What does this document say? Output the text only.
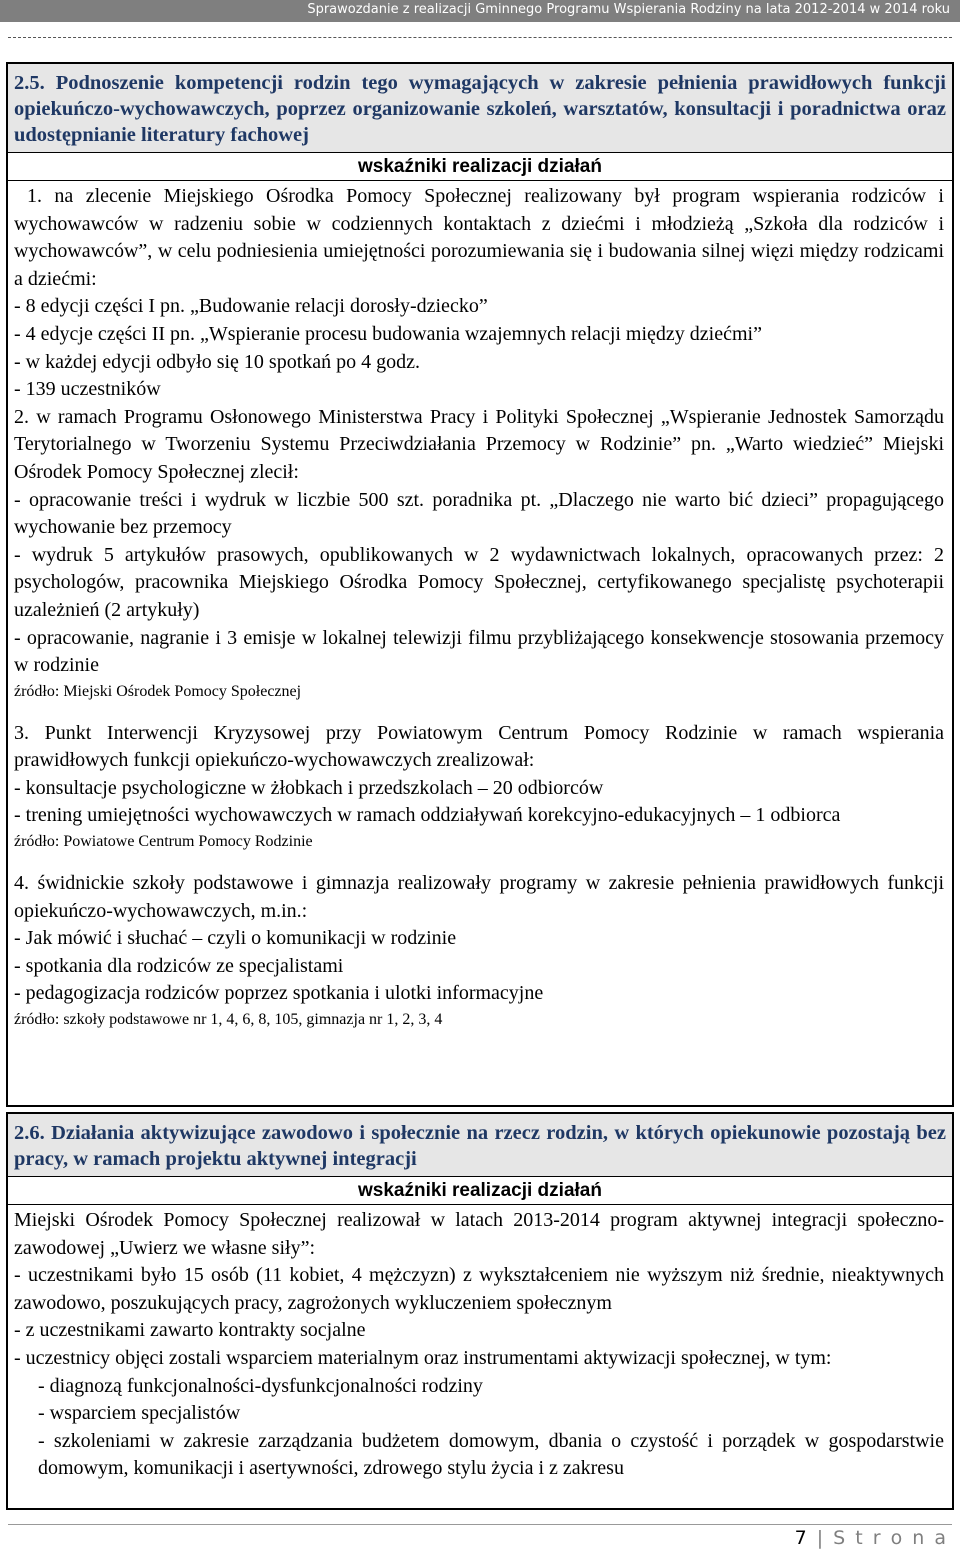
Sprawozdanie z realizacji Gminnego Programu Wspierania Rodziny na lata 2012-2014 w 2014 roku
2.5. Podnoszenie kompetencji rodzin tego wymagających w zakresie pełnienia prawidłowych funkcji opiekuńczo-wychowawczych, poprzez organizowanie szkoleń, warsztatów, konsultacji i poradnictwa oraz udostępnianie literatury fachowej
wskaźniki realizacji działań

1. na zlecenie Miejskiego Ośrodka Pomocy Społecznej realizowany był program wspierania rodziców i wychowawców w radzeniu sobie w codziennych kontaktach z dziećmi i młodzieżą „Szkoła dla rodziców i wychowawców”, w celu podniesienia umiejętności porozumiewania się i budowania silnej więzi między rodzicami a dziećmi:

- 8 edycji części I pn. „Budowanie relacji dorosły-dziecko”

- 4 edycje części II pn. „Wspieranie procesu budowania wzajemnych relacji między dziećmi”

- w każdej edycji odbyło się 10 spotkań po 4 godz.

- 139 uczestników

2. w ramach Programu Osłonowego Ministerstwa Pracy i Polityki Społecznej „Wspieranie Jednostek Samorządu Terytorialnego w Tworzeniu Systemu Przeciwdziałania Przemocy w Rodzinie” pn. „Warto wiedzieć” Miejski Ośrodek Pomocy Społecznej zlecił:

- opracowanie treści i wydruk w liczbie 500 szt. poradnika pt. „Dlaczego nie warto bić dzieci” propagującego wychowanie bez przemocy

- wydruk 5 artykułów prasowych, opublikowanych w 2 wydawnictwach lokalnych, opracowanych przez: 2 psychologów, pracownika Miejskiego Ośrodka Pomocy Społecznej, certyfikowanego specjalistę psychoterapii uzależnień (2 artykuły)

- opracowanie, nagranie i 3 emisje w lokalnej telewizji filmu przybliżającego konsekwencje stosowania przemocy w rodzinie

źródło: Miejski Ośrodek Pomocy Społecznej

3. Punkt Interwencji Kryzysowej przy Powiatowym Centrum Pomocy Rodzinie w ramach wspierania prawidłowych funkcji opiekuńczo-wychowawczych zrealizował:

- konsultacje psychologiczne w żłobkach i przedszkolach – 20 odbiorców

- trening umiejętności wychowawczych w ramach oddziaływań korekcyjno-edukacyjnych – 1 odbiorca

źródło: Powiatowe Centrum Pomocy Rodzinie

4. świdnickie szkoły podstawowe i gimnazja realizowały programy w zakresie pełnienia prawidłowych funkcji opiekuńczo-wychowawczych, m.in.:

- Jak mówić i słuchać – czyli o komunikacji w rodzinie

- spotkania dla rodziców ze specjalistami

- pedagogizacja rodziców poprzez spotkania i ulotki informacyjne

źródło: szkoły podstawowe nr 1, 4, 6, 8, 105, gimnazja nr 1, 2, 3, 4

2.6. Działania aktywizujące zawodowo i społecznie na rzecz rodzin, w których opiekunowie pozostają bez pracy, w ramach projektu aktywnej integracji
wskaźniki realizacji działań

Miejski Ośrodek Pomocy Społecznej realizował w latach 2013-2014 program aktywnej integracji społeczno-zawodowej „Uwierz we własne siły”:

- uczestnikami było 15 osób (11 kobiet, 4 mężczyzn) z wykształceniem nie wyższym niż średnie, nieaktywnych zawodowo, poszukujących pracy, zagrożonych wykluczeniem społecznym

- z uczestnikami zawarto kontrakty socjalne

- uczestnicy objęci zostali wsparciem materialnym oraz instrumentami aktywizacji społecznej, w tym:

- diagnozą funkcjonalności-dysfunkcjonalności rodziny

- wsparciem specjalistów

- szkoleniami w zakresie zarządzania budżetem domowym, dbania o czystość i porządek w gospodarstwie domowym, komunikacji i asertywności, zdrowego stylu życia i z zakresu

7 | S t r o n a
